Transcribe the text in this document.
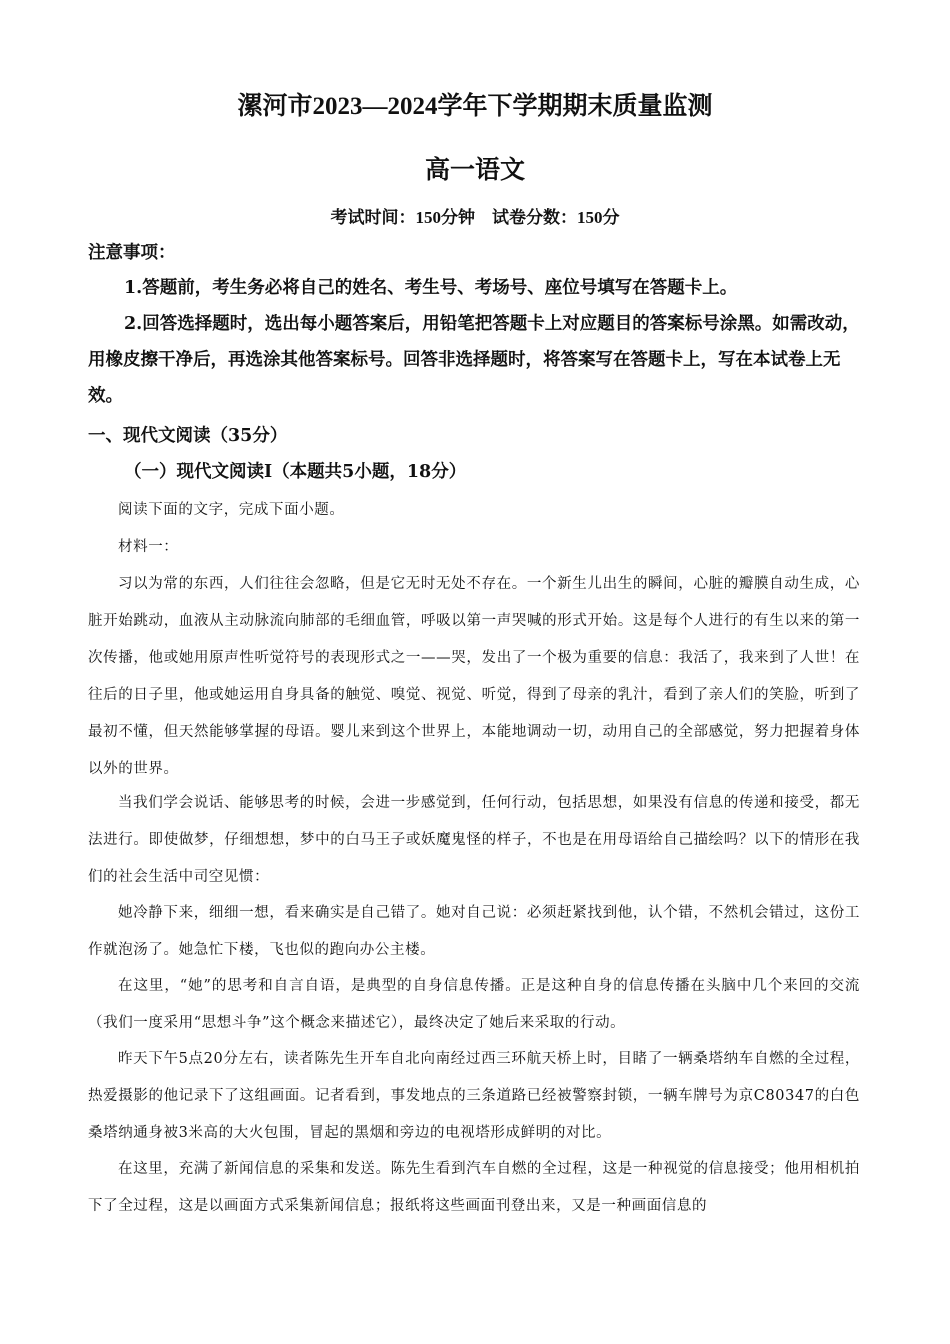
漯河市2023—2024学年下学期期末质量监测
高一语文
考试时间：150分钟　试卷分数：150分
注意事项：

1.答题前，考生务必将自己的姓名、考生号、考场号、座位号填写在答题卡上。

2.回答选择题时，选出每小题答案后，用铅笔把答题卡上对应题目的答案标号涂黑。如需改动，用橡皮擦干净后，再选涂其他答案标号。回答非选择题时，将答案写在答题卡上，写在本试卷上无效。

一、现代文阅读（35分）
（一）现代文阅读Ⅰ（本题共5小题，18分）

阅读下面的文字，完成下面小题。

材料一：

习以为常的东西，人们往往会忽略，但是它无时无处不存在。一个新生儿出生的瞬间，心脏的瓣膜自动生成，心脏开始跳动，血液从主动脉流向肺部的毛细血管，呼吸以第一声哭喊的形式开始。这是每个人进行的有生以来的第一次传播，他或她用原声性听觉符号的表现形式之一——哭，发出了一个极为重要的信息：我活了，我来到了人世！在往后的日子里，他或她运用自身具备的触觉、嗅觉、视觉、听觉，得到了母亲的乳汁，看到了亲人们的笑脸，听到了最初不懂，但天然能够掌握的母语。婴儿来到这个世界上，本能地调动一切，动用自己的全部感觉，努力把握着身体以外的世界。

当我们学会说话、能够思考的时候，会进一步感觉到，任何行动，包括思想，如果没有信息的传递和接受，都无法进行。即使做梦，仔细想想，梦中的白马王子或妖魔鬼怪的样子，不也是在用母语给自己描绘吗？以下的情形在我们的社会生活中司空见惯：

她冷静下来，细细一想，看来确实是自己错了。她对自己说：必须赶紧找到他，认个错，不然机会错过，这份工作就泡汤了。她急忙下楼，飞也似的跑向办公主楼。

在这里，“她”的思考和自言自语，是典型的自身信息传播。正是这种自身的信息传播在头脑中几个来回的交流（我们一度采用“思想斗争”这个概念来描述它），最终决定了她后来采取的行动。

昨天下午5点20分左右，读者陈先生开车自北向南经过西三环航天桥上时，目睹了一辆桑塔纳车自燃的全过程，热爱摄影的他记录下了这组画面。记者看到，事发地点的三条道路已经被警察封锁，一辆车牌号为京C80347的白色桑塔纳通身被3米高的大火包围，冒起的黑烟和旁边的电视塔形成鲜明的对比。

在这里，充满了新闻信息的采集和发送。陈先生看到汽车自燃的全过程，这是一种视觉的信息接受；他用相机拍下了全过程，这是以画面方式采集新闻信息；报纸将这些画面刊登出来，又是一种画面信息的
